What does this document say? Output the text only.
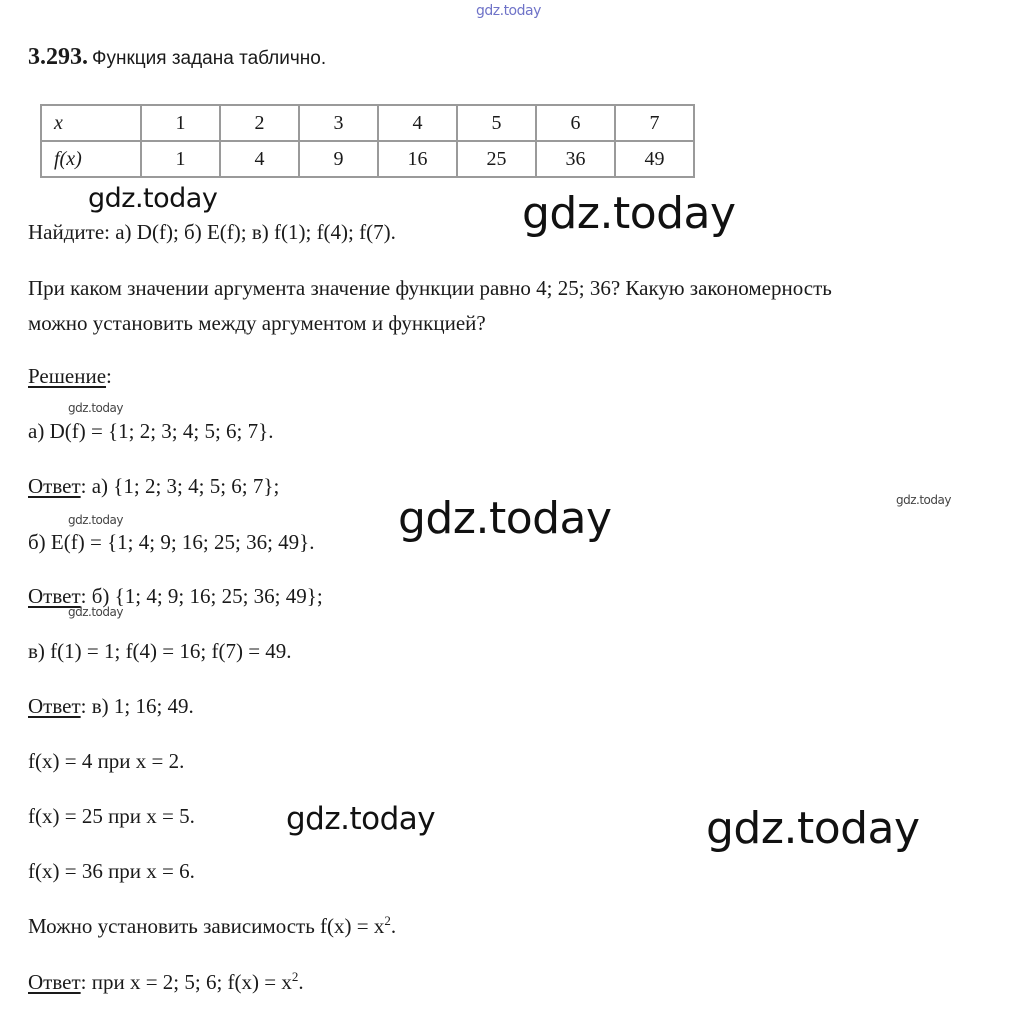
gdz.today
gdz.today	gdz.today
gdz.today
gdz.today	gdz.today
gdz.today
gdz.today
gdz.today	gdz.today
3.293. Функция задана таблично.
x	1	2	3	4	5	6	7
f(x)	1	4	9	16	25	36	49
Найдите: а) D(f); б) E(f); в) f(1); f(4); f(7).
При каком значении аргумента значение функции равно 4; 25; 36? Какую закономерность
можно установить между аргументом и функцией?
Решение:
а) D(f) = {1; 2; 3; 4; 5; 6; 7}.
Ответ: а) {1; 2; 3; 4; 5; 6; 7};
б) E(f) = {1; 4; 9; 16; 25; 36; 49}.
Ответ: б) {1; 4; 9; 16; 25; 36; 49};
в) f(1) = 1; f(4) = 16; f(7) = 49.
Ответ: в) 1; 16; 49.
f(x) = 4 при x = 2.
f(x) = 25 при x = 5.
f(x) = 36 при x = 6.
Можно установить зависимость $f(x) = x^2$.
Ответ: при x = 2; 5; 6; $f(x) = x^2$.
